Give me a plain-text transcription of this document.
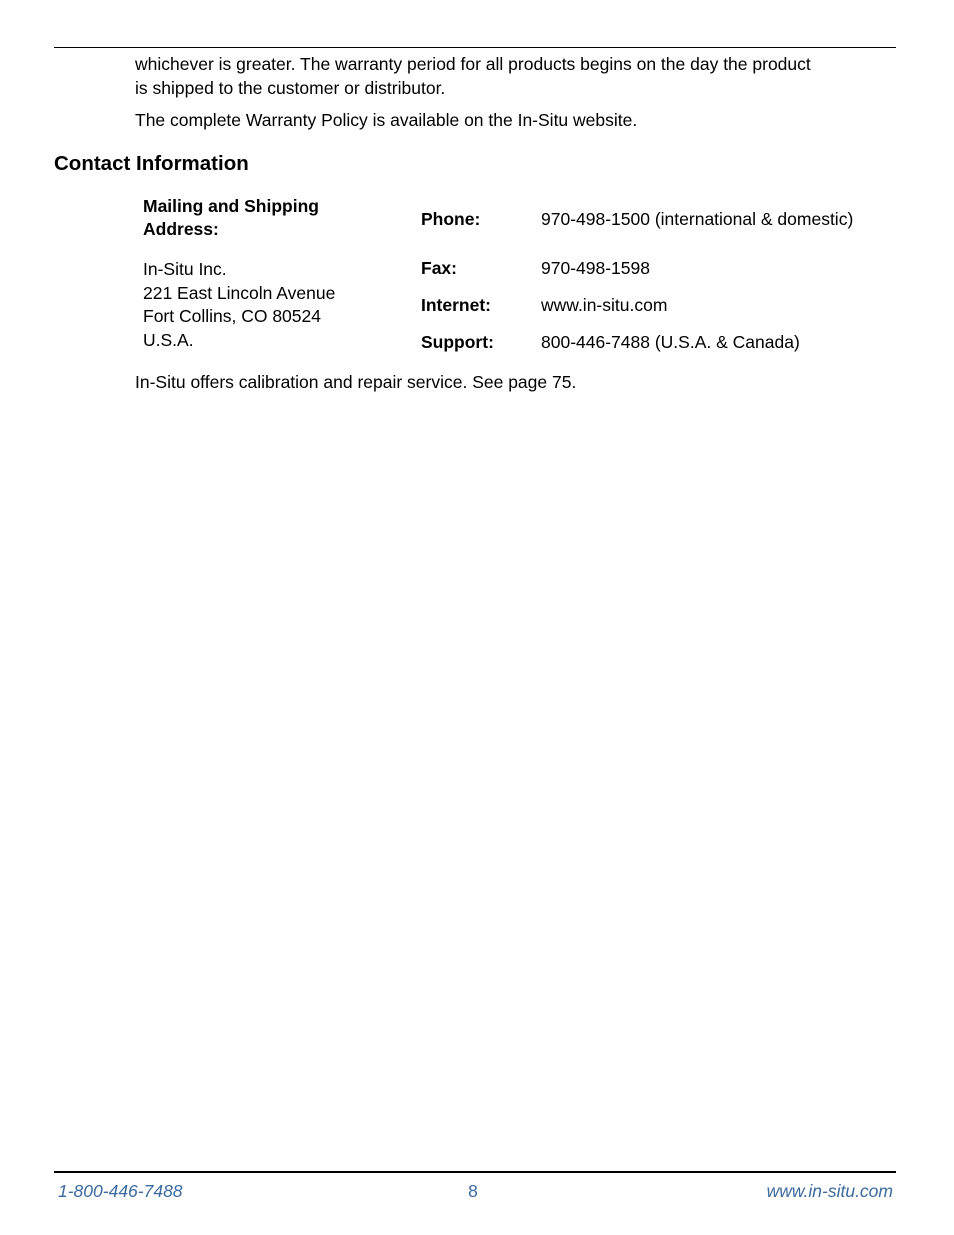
whichever is greater. The warranty period for all products begins on the day the product
is shipped to the customer or distributor.

The complete Warranty Policy is available on the In-Situ website.

Contact Information
Mailing and Shipping
Address:
In-Situ Inc.
221 East Lincoln Avenue
Fort Collins, CO 80524
U.S.A.
Phone:	970-498-1500 (international & domestic)
Fax:	970-498-1598
Internet:	www.in-situ.com
Support:	800-446-7488 (U.S.A. & Canada)

In-Situ offers calibration and repair service. See page 75.

1-800-446-7488	8	www.in-situ.com
